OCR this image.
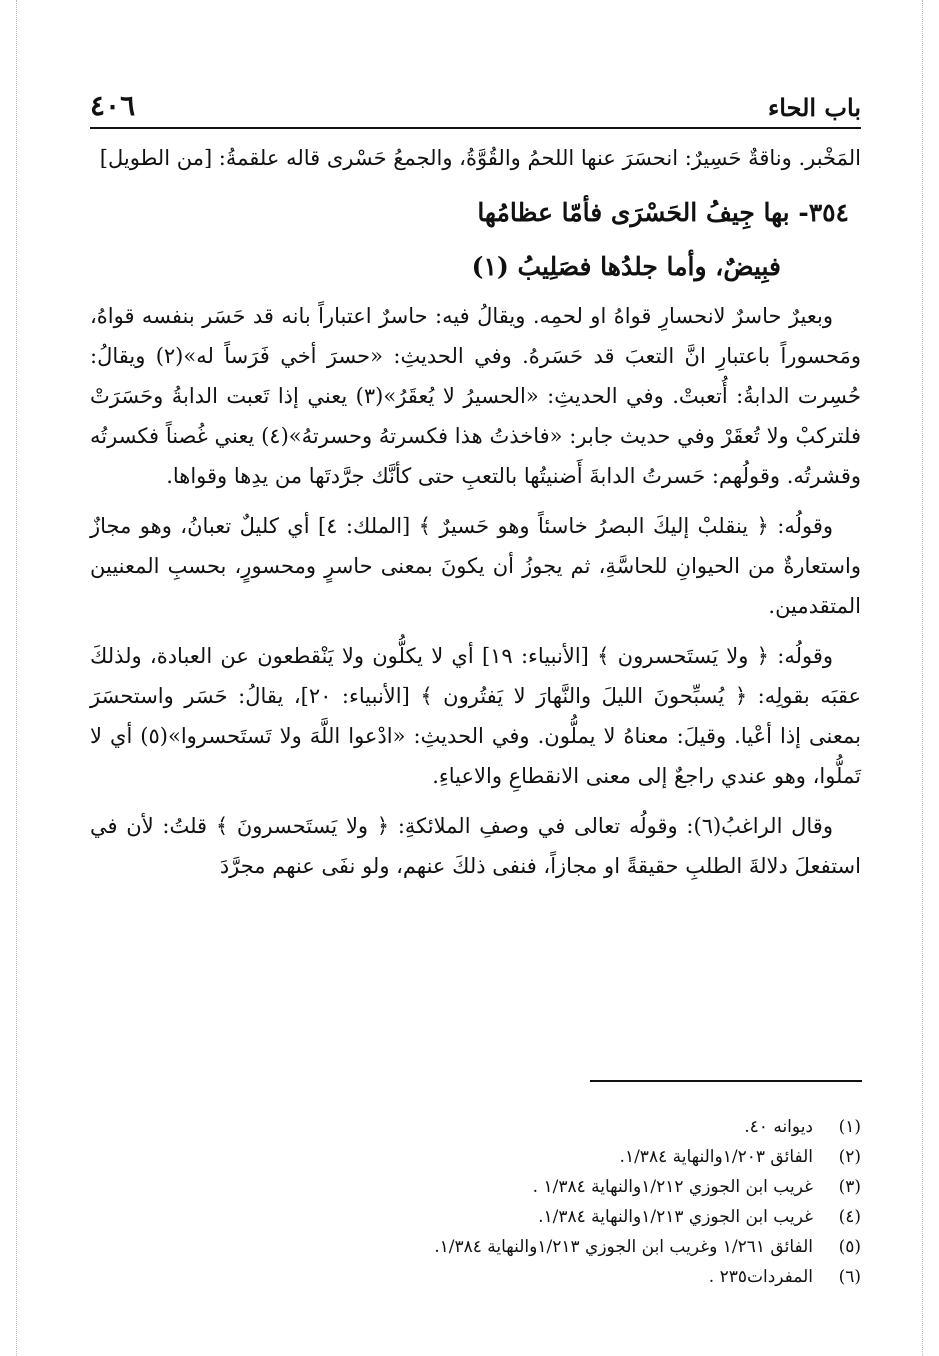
باب الحاء
٤٠٦

المَخْبر. وناقةٌ حَسِيرٌ: انحسَرَ عنها اللحمُ والقُوَّةُ، والجمعُ حَسْرى قاله علقمةُ: [من الطويل]

٣٥٤- بها جِيفُ الحَسْرَى فأمّا عظامُها
فبِيضٌ، وأما جلدُها فصَلِيبُ (١)

وبعيرٌ حاسرٌ لانحسارِ قواهُ او لحمِه. ويقالُ فيه: حاسرٌ اعتباراً بانه قد حَسَر بنفسه قواهُ، ومَحسوراً باعتبارِ انَّ التعبَ قد حَسَرهُ. وفي الحديثِ: «حسرَ أخي فَرَساً له»(٢) ويقالُ: حُسِرت الدابةُ: أُتعبتْ. وفي الحديثِ: «الحسيرُ لا يُعقَرُ»(٣) يعني إذا تَعبت الدابةُ وحَسَرَتْ فلتركبْ ولا تُعقَرْ وفي حديث جابر: «فاخذتُ هذا فكسرتهُ وحسرتهُ»(٤) يعني غُصناً فكسرتُه وقشرتُه. وقولُهم: حَسرتُ الدابةَ أَضنيتُها بالتعبِ حتى كأنَّك جرَّدتَها من يدِها وقواها.

وقولُه: ﴿ ينقلبْ إليكَ البصرُ خاسئاً وهو حَسيرٌ ﴾ [الملك: ٤] أي كليلٌ تعبانُ، وهو مجازٌ واستعارةٌ من الحيوانِ للحاسَّةِ، ثم يجوزُ أن يكونَ بمعنى حاسرٍ ومحسورٍ، بحسبِ المعنيين المتقدمين.

وقولُه: ﴿ ولا يَستَحسرون ﴾ [الأنبياء: ١٩] أي لا يكلُّون ولا يَنْقطعون عن العبادة، ولذلكَ عقبَه بقولِه: ﴿ يُسبِّحونَ الليلَ والنَّهارَ لا يَفتُرون ﴾ [الأنبياء: ٢٠]، يقالُ: حَسَر واستحسَرَ بمعنى إذا أعْيا. وقيلَ: معناهُ لا يملُّون. وفي الحديثِ: «ادْعوا اللَّهَ ولا تَستَحسروا»(٥) أي لا تَملُّوا، وهو عندي راجعٌ إلى معنى الانقطاعِ والاعياءِ.

وقال الراغبُ(٦): وقولُه تعالى في وصفِ الملائكةِ: ﴿ ولا يَستَحسرونَ ﴾ قلتُ: لأن في استفعلَ دلالةَ الطلبِ حقيقةً او مجازاً، فنفى ذلكَ عنهم، ولو نفَى عنهم مجرَّدَ

(١)ديوانه ٤٠.
(٢)الفائق ١/٢٠٣والنهاية ١/٣٨٤.
(٣)غريب ابن الجوزي ١/٢١٢والنهاية ١/٣٨٤ .
(٤)غريب ابن الجوزي ١/٢١٣والنهاية ١/٣٨٤.
(٥)الفائق ١/٢٦١ وغريب ابن الجوزي ١/٢١٣والنهاية ١/٣٨٤.
(٦)المفردات٢٣٥ .
